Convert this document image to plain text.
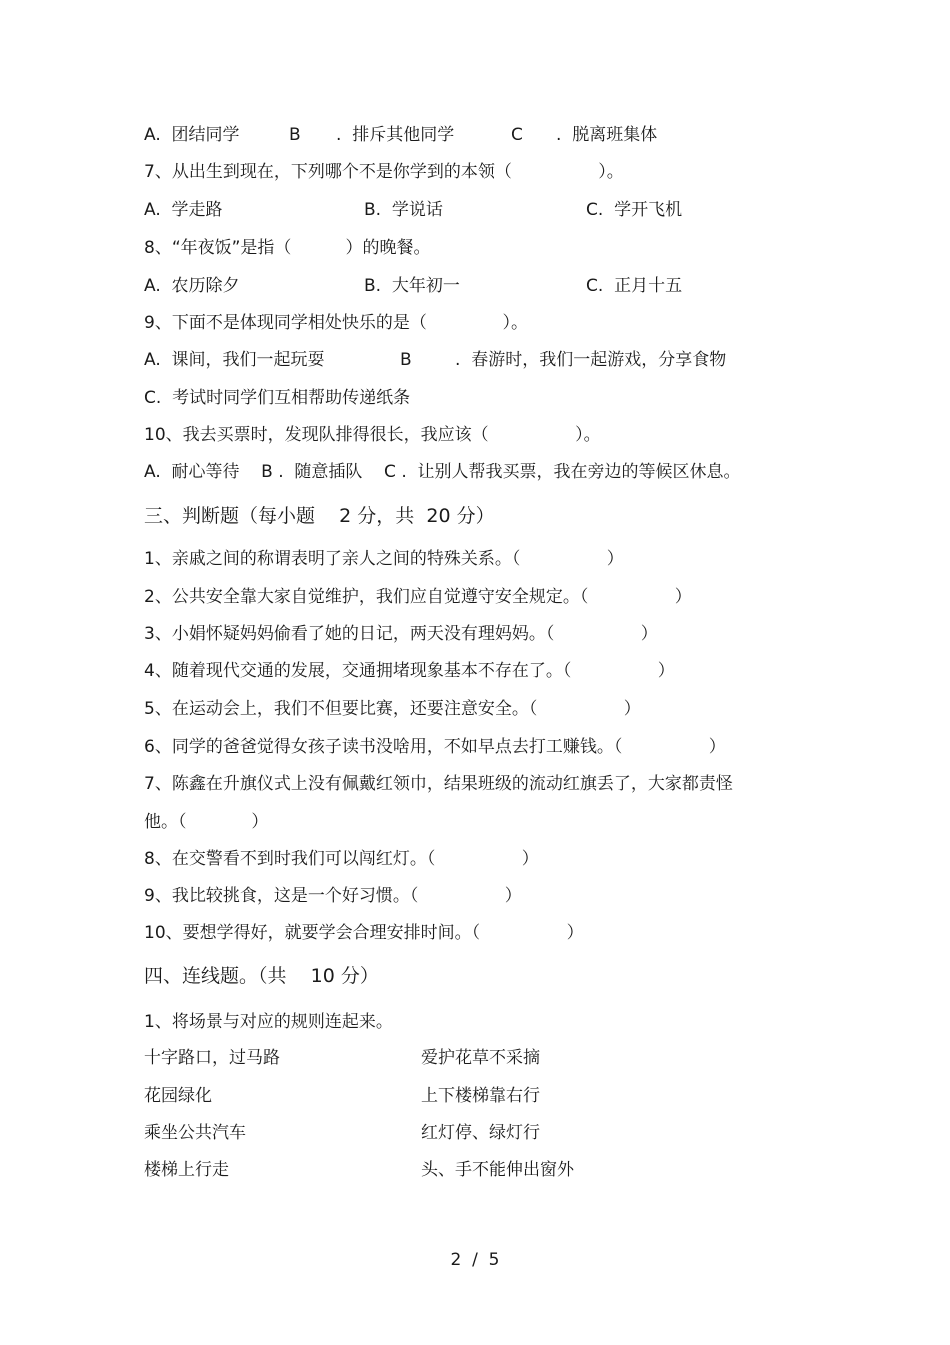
A.  团结同学	B .  排斥其他同学	C .  脱离班集体
7、从出生到现在，下列哪个不是你学到的本领（                ）。
A.  学走路	B.  学说话	C.  学开飞机
8、“年夜饭”是指（          ）的晚餐。
A.  农历除夕	B.  大年初一	C.  正月十五
9、下面不是体现同学相处快乐的是（              ）。
A.  课间，我们一起玩耍	B	.  春游时，我们一起游戏，分享食物
C.  考试时同学们互相帮助传递纸条
10、我去买票时，发现队排得很长，我应该（                ）。
A.  耐心等待    B .  随意插队    C .  让别人帮我买票，我在旁边的等候区休息。
三、判断题（每小题    2 分，共  20 分）
1、亲戚之间的称谓表明了亲人之间的特殊关系。（                ）
2、公共安全靠大家自觉维护，我们应自觉遵守安全规定。（                ）
3、小娟怀疑妈妈偷看了她的日记，两天没有理妈妈。（                ）
4、随着现代交通的发展，交通拥堵现象基本不存在了。（                ）
5、在运动会上，我们不但要比赛，还要注意安全。（                ）
6、同学的爸爸觉得女孩子读书没啥用，不如早点去打工赚钱。（                ）
7、陈鑫在升旗仪式上没有佩戴红领巾，结果班级的流动红旗丢了，大家都责怪
他。（            ）
8、在交警看不到时我们可以闯红灯。（                ）
9、我比较挑食，这是一个好习惯。（                ）
10、要想学得好，就要学会合理安排时间。（                ）
四、连线题。（共    10 分）
1、将场景与对应的规则连起来。
十字路口，过马路	爱护花草不采摘
花园绿化	上下楼梯靠右行
乘坐公共汽车	红灯停、绿灯行
楼梯上行走	头、手不能伸出窗外
2  /  5
